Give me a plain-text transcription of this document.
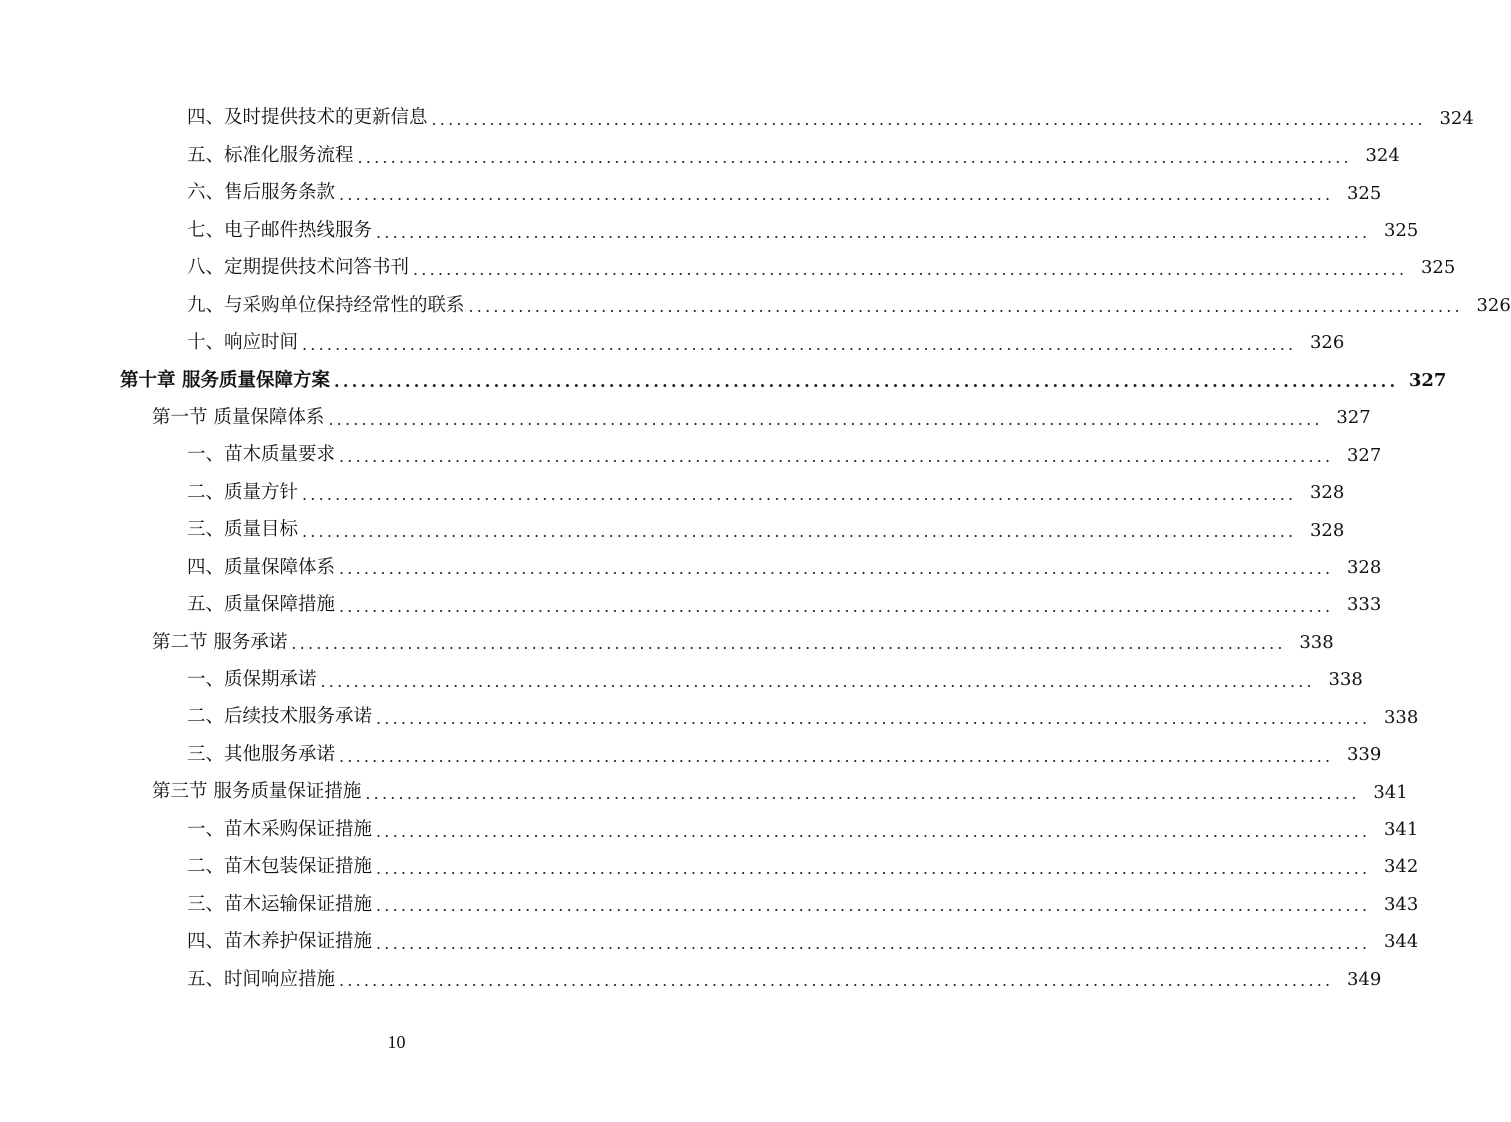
四、及时提供技术的更新信息 ........................................................................................................................ 324
五、标准化服务流程 ........................................................................................................................ 324
六、售后服务条款 ........................................................................................................................ 325
七、电子邮件热线服务 ........................................................................................................................ 325
八、定期提供技术问答书刊 ........................................................................................................................ 325
九、与采购单位保持经常性的联系 ........................................................................................................................ 326
十、响应时间 ........................................................................................................................ 326
第十章 服务质量保障方案 ........................................................................................................................ 327
第一节 质量保障体系 ........................................................................................................................ 327
一、苗木质量要求 ........................................................................................................................ 327
二、质量方针 ........................................................................................................................ 328
三、质量目标 ........................................................................................................................ 328
四、质量保障体系 ........................................................................................................................ 328
五、质量保障措施 ........................................................................................................................ 333
第二节 服务承诺 ........................................................................................................................ 338
一、质保期承诺 ........................................................................................................................ 338
二、后续技术服务承诺 ........................................................................................................................ 338
三、其他服务承诺 ........................................................................................................................ 339
第三节 服务质量保证措施 ........................................................................................................................ 341
一、苗木采购保证措施 ........................................................................................................................ 341
二、苗木包装保证措施 ........................................................................................................................ 342
三、苗木运输保证措施 ........................................................................................................................ 343
四、苗木养护保证措施 ........................................................................................................................ 344
五、时间响应措施 ........................................................................................................................ 349
10
